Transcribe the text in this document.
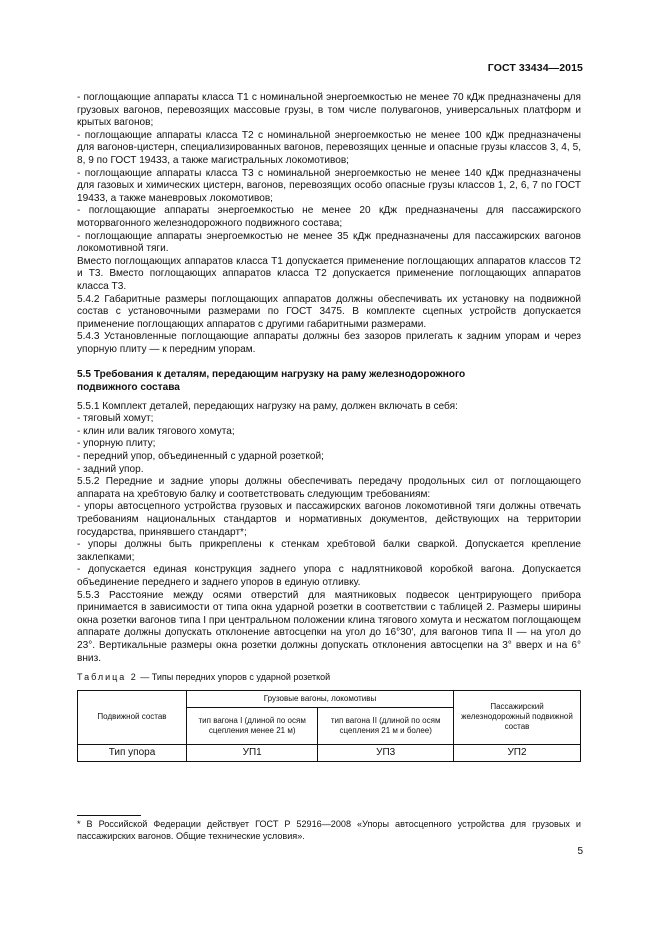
ГОСТ 33434—2015

- поглощающие аппараты класса Т1 с номинальной энергоемкостью не менее 70 кДж предназначены для грузовых вагонов, перевозящих массовые грузы, в том числе полувагонов, универсальных платформ и крытых вагонов;

- поглощающие аппараты класса Т2 с номинальной энергоемкостью не менее 100 кДж предназначены для вагонов-цистерн, специализированных вагонов, перевозящих ценные и опасные грузы классов 3, 4, 5, 8, 9 по ГОСТ 19433, а также магистральных локомотивов;

- поглощающие аппараты класса Т3 с номинальной энергоемкостью не менее 140 кДж предназначены для газовых и химических цистерн, вагонов, перевозящих особо опасные грузы классов 1, 2, 6, 7 по ГОСТ 19433, а также маневровых локомотивов;

- поглощающие аппараты энергоемкостью не менее 20 кДж предназначены для пассажирского моторвагонного железнодорожного подвижного состава;

- поглощающие аппараты энергоемкостью не менее 35 кДж предназначены для пассажирских вагонов локомотивной тяги.

Вместо поглощающих аппаратов класса Т1 допускается применение поглощающих аппаратов классов Т2 и Т3. Вместо поглощающих аппаратов класса Т2 допускается применение поглощающих аппаратов класса Т3.

5.4.2 Габаритные размеры поглощающих аппаратов должны обеспечивать их установку на подвижной состав с установочными размерами по ГОСТ 3475. В комплекте сцепных устройств допускается применение поглощающих аппаратов с другими габаритными размерами.

5.4.3 Установленные поглощающие аппараты должны без зазоров прилегать к задним упорам и через упорную плиту — к передним упорам.

5.5 Требования к деталям, передающим нагрузку на раму железнодорожного
подвижного состава

5.5.1 Комплект деталей, передающих нагрузку на раму, должен включать в себя:

- тяговый хомут;

- клин или валик тягового хомута;

- упорную плиту;

- передний упор, объединенный с ударной розеткой;

- задний упор.

5.5.2 Передние и задние упоры должны обеспечивать передачу продольных сил от поглощающего аппарата на хребтовую балку и соответствовать следующим требованиям:

- упоры автосцепного устройства грузовых и пассажирских вагонов локомотивной тяги должны отвечать требованиям национальных стандартов и нормативных документов, действующих на территории государства, принявшего стандарт*;

- упоры должны быть прикреплены к стенкам хребтовой балки сваркой. Допускается крепление заклепками;

- допускается единая конструкция заднего упора с надлятниковой коробкой вагона. Допускается объединение переднего и заднего упоров в единую отливку.

5.5.3 Расстояние между осями отверстий для маятниковых подвесок центрирующего прибора принимается в зависимости от типа окна ударной розетки в соответствии с таблицей 2. Размеры ширины окна розетки вагонов типа I при центральном положении клина тягового хомута и несжатом поглощающем аппарате должны допускать отклонение автосцепки на угол до 16°30′, для вагонов типа II — на угол до 23°. Вертикальные размеры окна розетки должны допускать отклонения автосцепки на 3° вверх и на 6° вниз.

Таблица 2 — Типы передних упоров с ударной розеткой
Подвижной состав	Грузовые вагоны, локомотивы		Пассажирский железнодорожный подвижной состав
	тип вагона I (длиной по осям сцепления менее 21 м)	тип вагона II (длиной по осям сцепления 21 м и более)	
Тип упора	УП1	УП3	УП2
* В Российской Федерации действует ГОСТ Р 52916—2008 «Упоры автосцепного устройства для грузовых и пассажирских вагонов. Общие технические условия».
5
